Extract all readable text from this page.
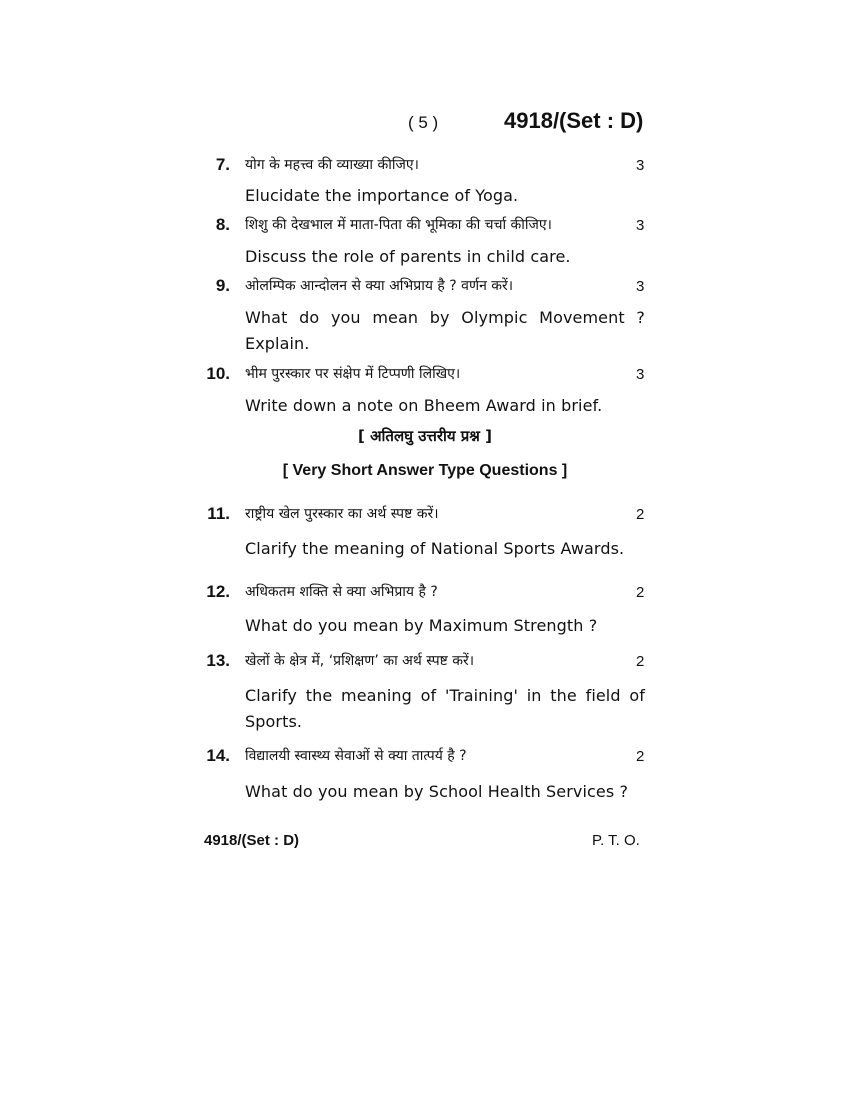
( 5 )	4918/(Set : D)
7. योग के महत्त्व की व्याख्या कीजिए।	3
Elucidate the importance of Yoga.
8. शिशु की देखभाल में माता-पिता की भूमिका की चर्चा कीजिए।	3
Discuss the role of parents in child care.
9. ओलम्पिक आन्दोलन से क्या अभिप्राय है ? वर्णन करें।	3
What do you mean by Olympic Movement ? Explain.
10. भीम पुरस्कार पर संक्षेप में टिप्पणी लिखिए।	3
Write down a note on Bheem Award in brief.
[ अतिलघु उत्तरीय प्रश्न ]
[ Very Short Answer Type Questions ]
11. राष्ट्रीय खेल पुरस्कार का अर्थ स्पष्ट करें।	2
Clarify the meaning of National Sports Awards.
12. अधिकतम शक्ति से क्या अभिप्राय है ?	2
What do you mean by Maximum Strength ?
13. खेलों के क्षेत्र में, ‘प्रशिक्षण’ का अर्थ स्पष्ट करें।	2
Clarify the meaning of 'Training' in the field of Sports.
14. विद्यालयी स्वास्थ्य सेवाओं से क्या तात्पर्य है ?	2
What do you mean by School Health Services ?
4918/(Set : D)	P. T. O.
